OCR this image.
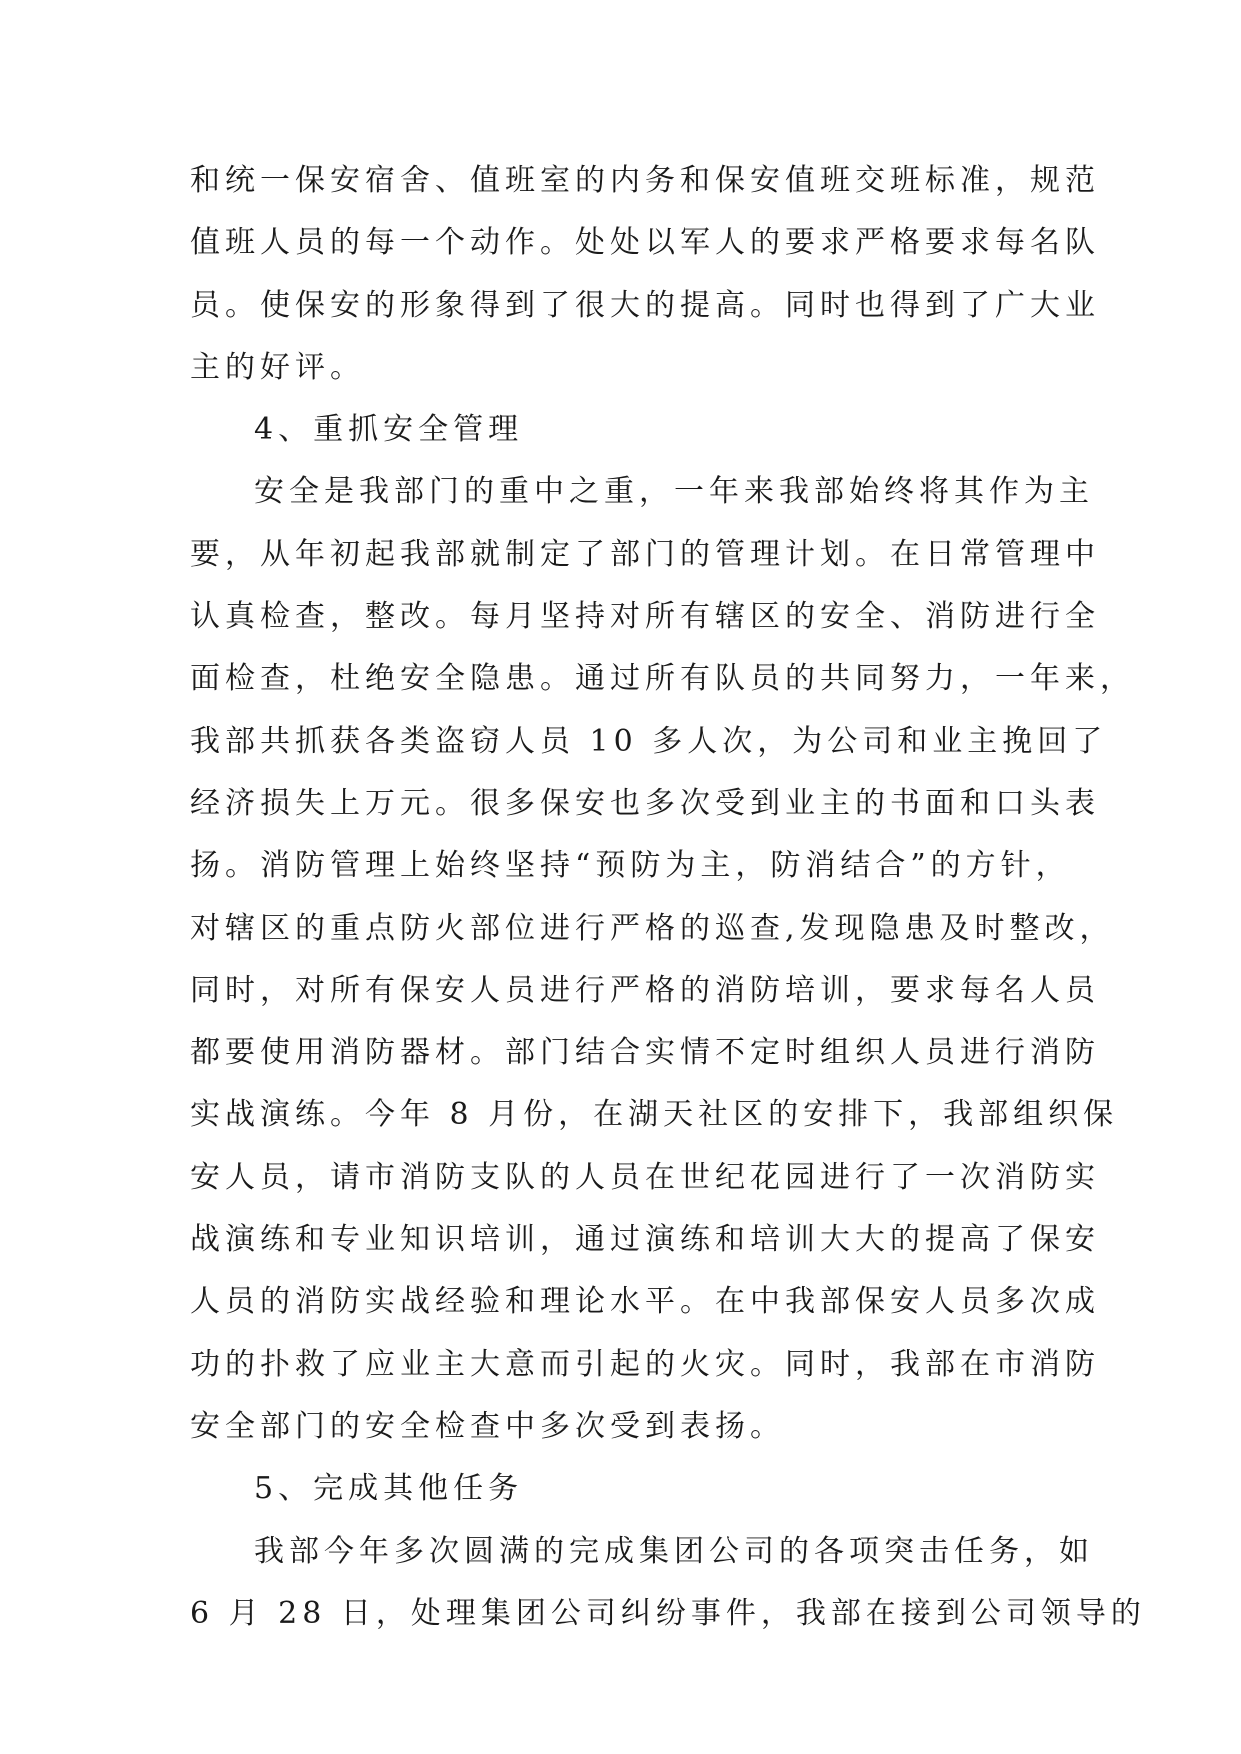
和统一保安宿舍、值班室的内务和保安值班交班标准，规范
值班人员的每一个动作。处处以军人的要求严格要求每名队
员。使保安的形象得到了很大的提高。同时也得到了广大业
主的好评。
4、重抓安全管理
安全是我部门的重中之重，一年来我部始终将其作为主
要，从年初起我部就制定了部门的管理计划。在日常管理中
认真检查，整改。每月坚持对所有辖区的安全、消防进行全
面检查，杜绝安全隐患。通过所有队员的共同努力，一年来，
我部共抓获各类盗窃人员 10 多人次，为公司和业主挽回了
经济损失上万元。很多保安也多次受到业主的书面和口头表
扬。消防管理上始终坚持“预防为主，防消结合”的方针，
对辖区的重点防火部位进行严格的巡查,发现隐患及时整改，
同时，对所有保安人员进行严格的消防培训，要求每名人员
都要使用消防器材。部门结合实情不定时组织人员进行消防
实战演练。今年 8 月份，在湖天社区的安排下，我部组织保
安人员，请市消防支队的人员在世纪花园进行了一次消防实
战演练和专业知识培训，通过演练和培训大大的提高了保安
人员的消防实战经验和理论水平。在中我部保安人员多次成
功的扑救了应业主大意而引起的火灾。同时，我部在市消防
安全部门的安全检查中多次受到表扬。
5、完成其他任务
我部今年多次圆满的完成集团公司的各项突击任务，如
6 月 28 日，处理集团公司纠纷事件，我部在接到公司领导的
